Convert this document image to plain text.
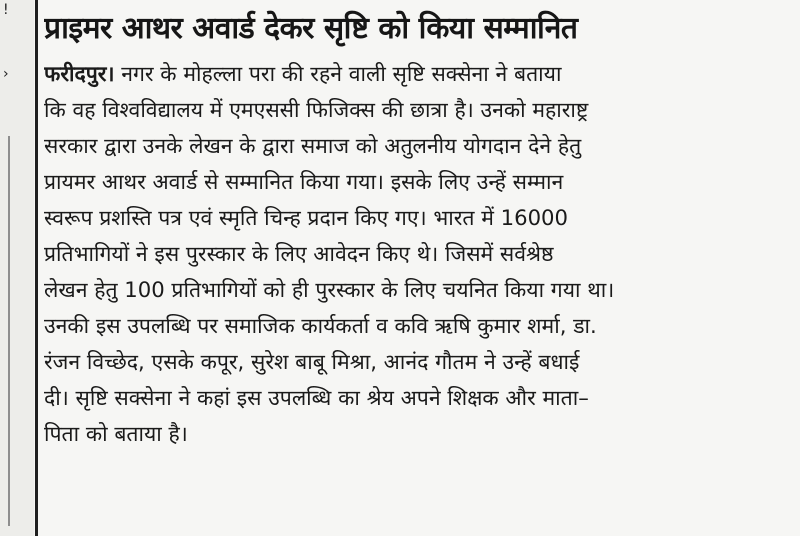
!
›
प्राइमर आथर अवार्ड देकर सृष्टि को किया सम्मानित
फरीदपुर। नगर के मोहल्ला परा की रहने वाली सृष्टि सक्सेना ने बताया
कि वह विश्वविद्यालय में एमएससी फिजिक्स की छात्रा है। उनको महाराष्ट्र
सरकार द्वारा उनके लेखन के द्वारा समाज को अतुलनीय योगदान देने हेतु
प्रायमर आथर अवार्ड से सम्मानित किया गया। इसके लिए उन्हें सम्मान
स्वरूप प्रशस्ति पत्र एवं स्मृति चिन्ह प्रदान किए गए। भारत में 16000
प्रतिभागियों ने इस पुरस्कार के लिए आवेदन किए थे। जिसमें सर्वश्रेष्ठ
लेखन हेतु 100 प्रतिभागियों को ही पुरस्कार के लिए चयनित किया गया था।
उनकी इस उपलब्धि पर समाजिक कार्यकर्ता व कवि ऋषि कुमार शर्मा, डा.
रंजन विच्छेद, एसके कपूर, सुरेश बाबू मिश्रा, आनंद गौतम ने उन्हें बधाई
दी। सृष्टि सक्सेना ने कहां इस उपलब्धि का श्रेय अपने शिक्षक और माता–
पिता को बताया है।
